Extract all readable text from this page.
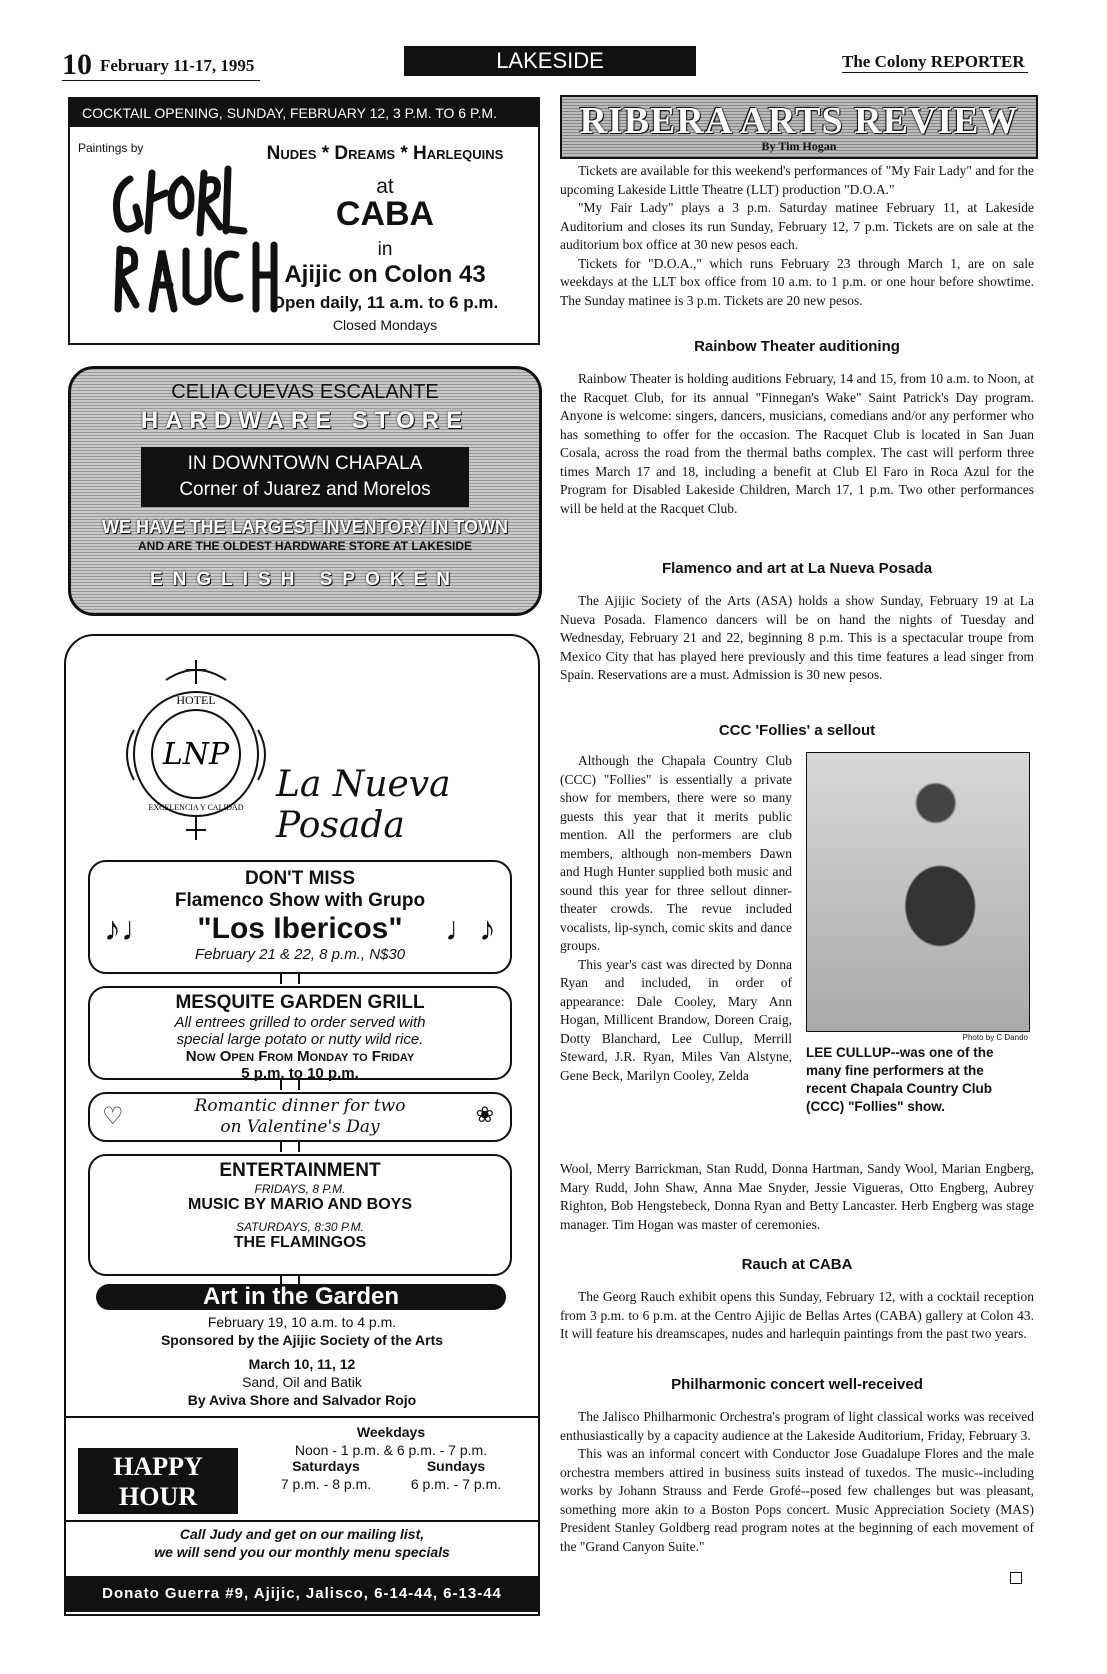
10 February 11-17, 1995	LAKESIDE	The Colony REPORTER
COCKTAIL OPENING, SUNDAY, FEBRUARY 12, 3 P.M. TO 6 P.M.
Paintings by	Nudes * Dreams * Harlequins
at
CABA
in
Ajijic on Colon 43
Open daily, 11 a.m. to 6 p.m.
Closed Mondays
CELIA CUEVAS ESCALANTE
HARDWARE STORE
IN DOWNTOWN CHAPALA
Corner of Juarez and Morelos
WE HAVE THE LARGEST INVENTORY IN TOWN
AND ARE THE OLDEST HARDWARE STORE AT LAKESIDE
ENGLISH SPOKEN
HOTEL
LNP
EXCELENCIA Y CALIDAD
La Nueva Posada
DON'T MISS
Flamenco Show with Grupo
"Los Ibericos"
February 21 & 22, 8 p.m., N$30
♪♩	♩♪
MESQUITE GARDEN GRILL
All entrees grilled to order served with
special large potato or nutty wild rice.
Now Open From Monday to Friday
5 p.m. to 10 p.m.
♡	Romantic dinner for two
on Valentine's Day	❀
ENTERTAINMENT
FRIDAYS, 8 P.M.
MUSIC BY MARIO AND BOYS
SATURDAYS, 8:30 P.M.
THE FLAMINGOS
Art in the Garden
February 19, 10 a.m. to 4 p.m.
Sponsored by the Ajijic Society of the Arts
March 10, 11, 12
Sand, Oil and Batik
By Aviva Shore and Salvador Rojo
HAPPY
HOUR
Weekdays
Noon - 1 p.m. & 6 p.m. - 7 p.m.
Saturdays	Sundays
7 p.m. - 8 p.m.	6 p.m. - 7 p.m.
Call Judy and get on our mailing list,
we will send you our monthly menu specials
Donato Guerra #9, Ajijic, Jalisco, 6-14-44, 6-13-44
RIBERA ARTS REVIEW
By Tim Hogan
Tickets are available for this weekend's performances of "My Fair Lady" and for the upcoming Lakeside Little Theatre (LLT) production "D.O.A."
"My Fair Lady" plays a 3 p.m. Saturday matinee February 11, at Lakeside Auditorium and closes its run Sunday, February 12, 7 p.m. Tickets are on sale at the auditorium box office at 30 new pesos each.
Tickets for "D.O.A.," which runs February 23 through March 1, are on sale weekdays at the LLT box office from 10 a.m. to 1 p.m. or one hour before showtime. The Sunday matinee is 3 p.m. Tickets are 20 new pesos.
Rainbow Theater auditioning
Rainbow Theater is holding auditions February, 14 and 15, from 10 a.m. to Noon, at the Racquet Club, for its annual "Finnegan's Wake" Saint Patrick's Day program. Anyone is welcome: singers, dancers, musicians, comedians and/or any performer who has something to offer for the occasion. The Racquet Club is located in San Juan Cosala, across the road from the thermal baths complex. The cast will perform three times March 17 and 18, including a benefit at Club El Faro in Roca Azul for the Program for Disabled Lakeside Children, March 17, 1 p.m. Two other performances will be held at the Racquet Club.
Flamenco and art at La Nueva Posada
The Ajijic Society of the Arts (ASA) holds a show Sunday, February 19 at La Nueva Posada. Flamenco dancers will be on hand the nights of Tuesday and Wednesday, February 21 and 22, beginning 8 p.m. This is a spectacular troupe from Mexico City that has played here previously and this time features a lead singer from Spain. Reservations are a must. Admission is 30 new pesos.
CCC 'Follies' a sellout
Although the Chapala Country Club (CCC) "Follies" is essentially a private show for members, there were so many guests this year that it merits public mention. All the performers are club members, although non-members Dawn and Hugh Hunter supplied both music and sound this year for three sellout dinner-theater crowds. The revue included vocalists, lip-synch, comic skits and dance groups.
This year's cast was directed by Donna Ryan and included, in order of appearance: Dale Cooley, Mary Ann Hogan, Millicent Brandow, Doreen Craig, Dotty Blanchard, Lee Cullup, Merrill Steward, J.R. Ryan, Miles Van Alstyne, Gene Beck, Marilyn Cooley, Zelda
Photo by C Dando
LEE CULLUP--was one of the many fine performers at the recent Chapala Country Club (CCC) "Follies" show.
Wool, Merry Barrickman, Stan Rudd, Donna Hartman, Sandy Wool, Marian Engberg, Mary Rudd, John Shaw, Anna Mae Snyder, Jessie Vigueras, Otto Engberg, Aubrey Righton, Bob Hengstebeck, Donna Ryan and Betty Lancaster. Herb Engberg was stage manager. Tim Hogan was master of ceremonies.
Rauch at CABA
The Georg Rauch exhibit opens this Sunday, February 12, with a cocktail reception from 3 p.m. to 6 p.m. at the Centro Ajijic de Bellas Artes (CABA) gallery at Colon 43. It will feature his dreamscapes, nudes and harlequin paintings from the past two years.
Philharmonic concert well-received
The Jalisco Philharmonic Orchestra's program of light classical works was received enthusiastically by a capacity audience at the Lakeside Auditorium, Friday, February 3.
This was an informal concert with Conductor Jose Guadalupe Flores and the male orchestra members attired in business suits instead of tuxedos. The music--including works by Johann Strauss and Ferde Grofé--posed few challenges but was pleasant, something more akin to a Boston Pops concert. Music Appreciation Society (MAS) President Stanley Goldberg read program notes at the beginning of each movement of the "Grand Canyon Suite."
